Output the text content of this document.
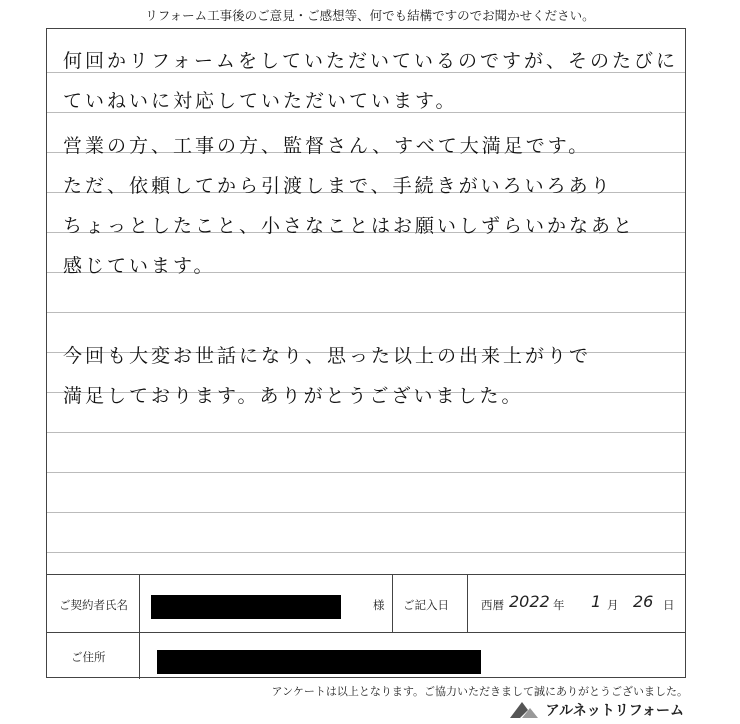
リフォーム工事後のご意見・ご感想等、何でも結構ですのでお聞かせください。
何回かリフォームをしていただいているのですが、そのたびに
ていねいに対応していただいています。
営業の方、工事の方、監督さん、すべて大満足です。
ただ、依頼してから引渡しまで、手続きがいろいろあり
ちょっとしたこと、小さなことはお願いしずらいかなあと
感じています。
今回も大変お世話になり、思った以上の出来上がりで
満足しております。ありがとうございました。
ご契約者氏名	様 ご記入日	西暦 2022 年 1 月 26 日
ご住所
アンケートは以上となります。ご協力いただきまして誠にありがとうございました。
アルネットリフォーム
